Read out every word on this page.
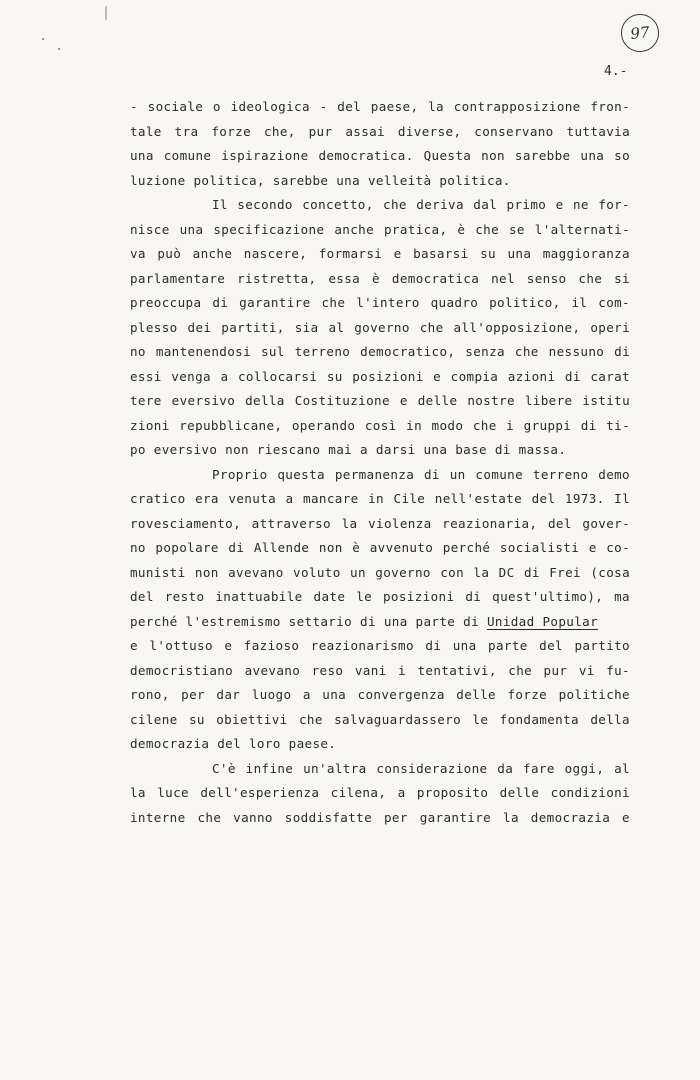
97
4.-
- sociale o ideologica - del paese, la contrapposizione fron-
tale tra forze che, pur assai diverse, conservano tuttavia
una comune ispirazione democratica. Questa non sarebbe una so
luzione politica, sarebbe una velleità politica.
Il secondo concetto, che deriva dal primo e ne for-
nisce una specificazione anche pratica, è che se l'alternati-
va può anche nascere, formarsi e basarsi su una maggioranza
parlamentare ristretta, essa è democratica nel senso che si
preoccupa di garantire che l'intero quadro politico, il com-
plesso dei partiti, sia al governo che all'opposizione, operi
no mantenendosi sul terreno democratico, senza che nessuno di
essi venga a collocarsi su posizioni e compia azioni di carat
tere eversivo della Costituzione e delle nostre libere istitu
zioni repubblicane, operando così in modo che i gruppi di ti-
po eversivo non riescano mai a darsi una base di massa.
Proprio questa permanenza di un comune terreno demo
cratico era venuta a mancare in Cile nell'estate del 1973. Il
rovesciamento, attraverso la violenza reazionaria, del gover-
no popolare di Allende non è avvenuto perché socialisti e co-
munisti non avevano voluto un governo con la DC di Frei (cosa
del resto inattuabile date le posizioni di quest'ultimo), ma
perché l'estremismo settario di una parte di Unidad Popular
e l'ottuso e fazioso reazionarismo di una parte del partito
democristiano avevano reso vani i tentativi, che pur vi fu-
rono, per dar luogo a una convergenza delle forze politiche
cilene su obiettivi che salvaguardassero le fondamenta della
democrazia del loro paese.
C'è infine un'altra considerazione da fare oggi, al
la luce dell'esperienza cilena, a proposito delle condizioni
interne che vanno soddisfatte per garantire la democrazia e
